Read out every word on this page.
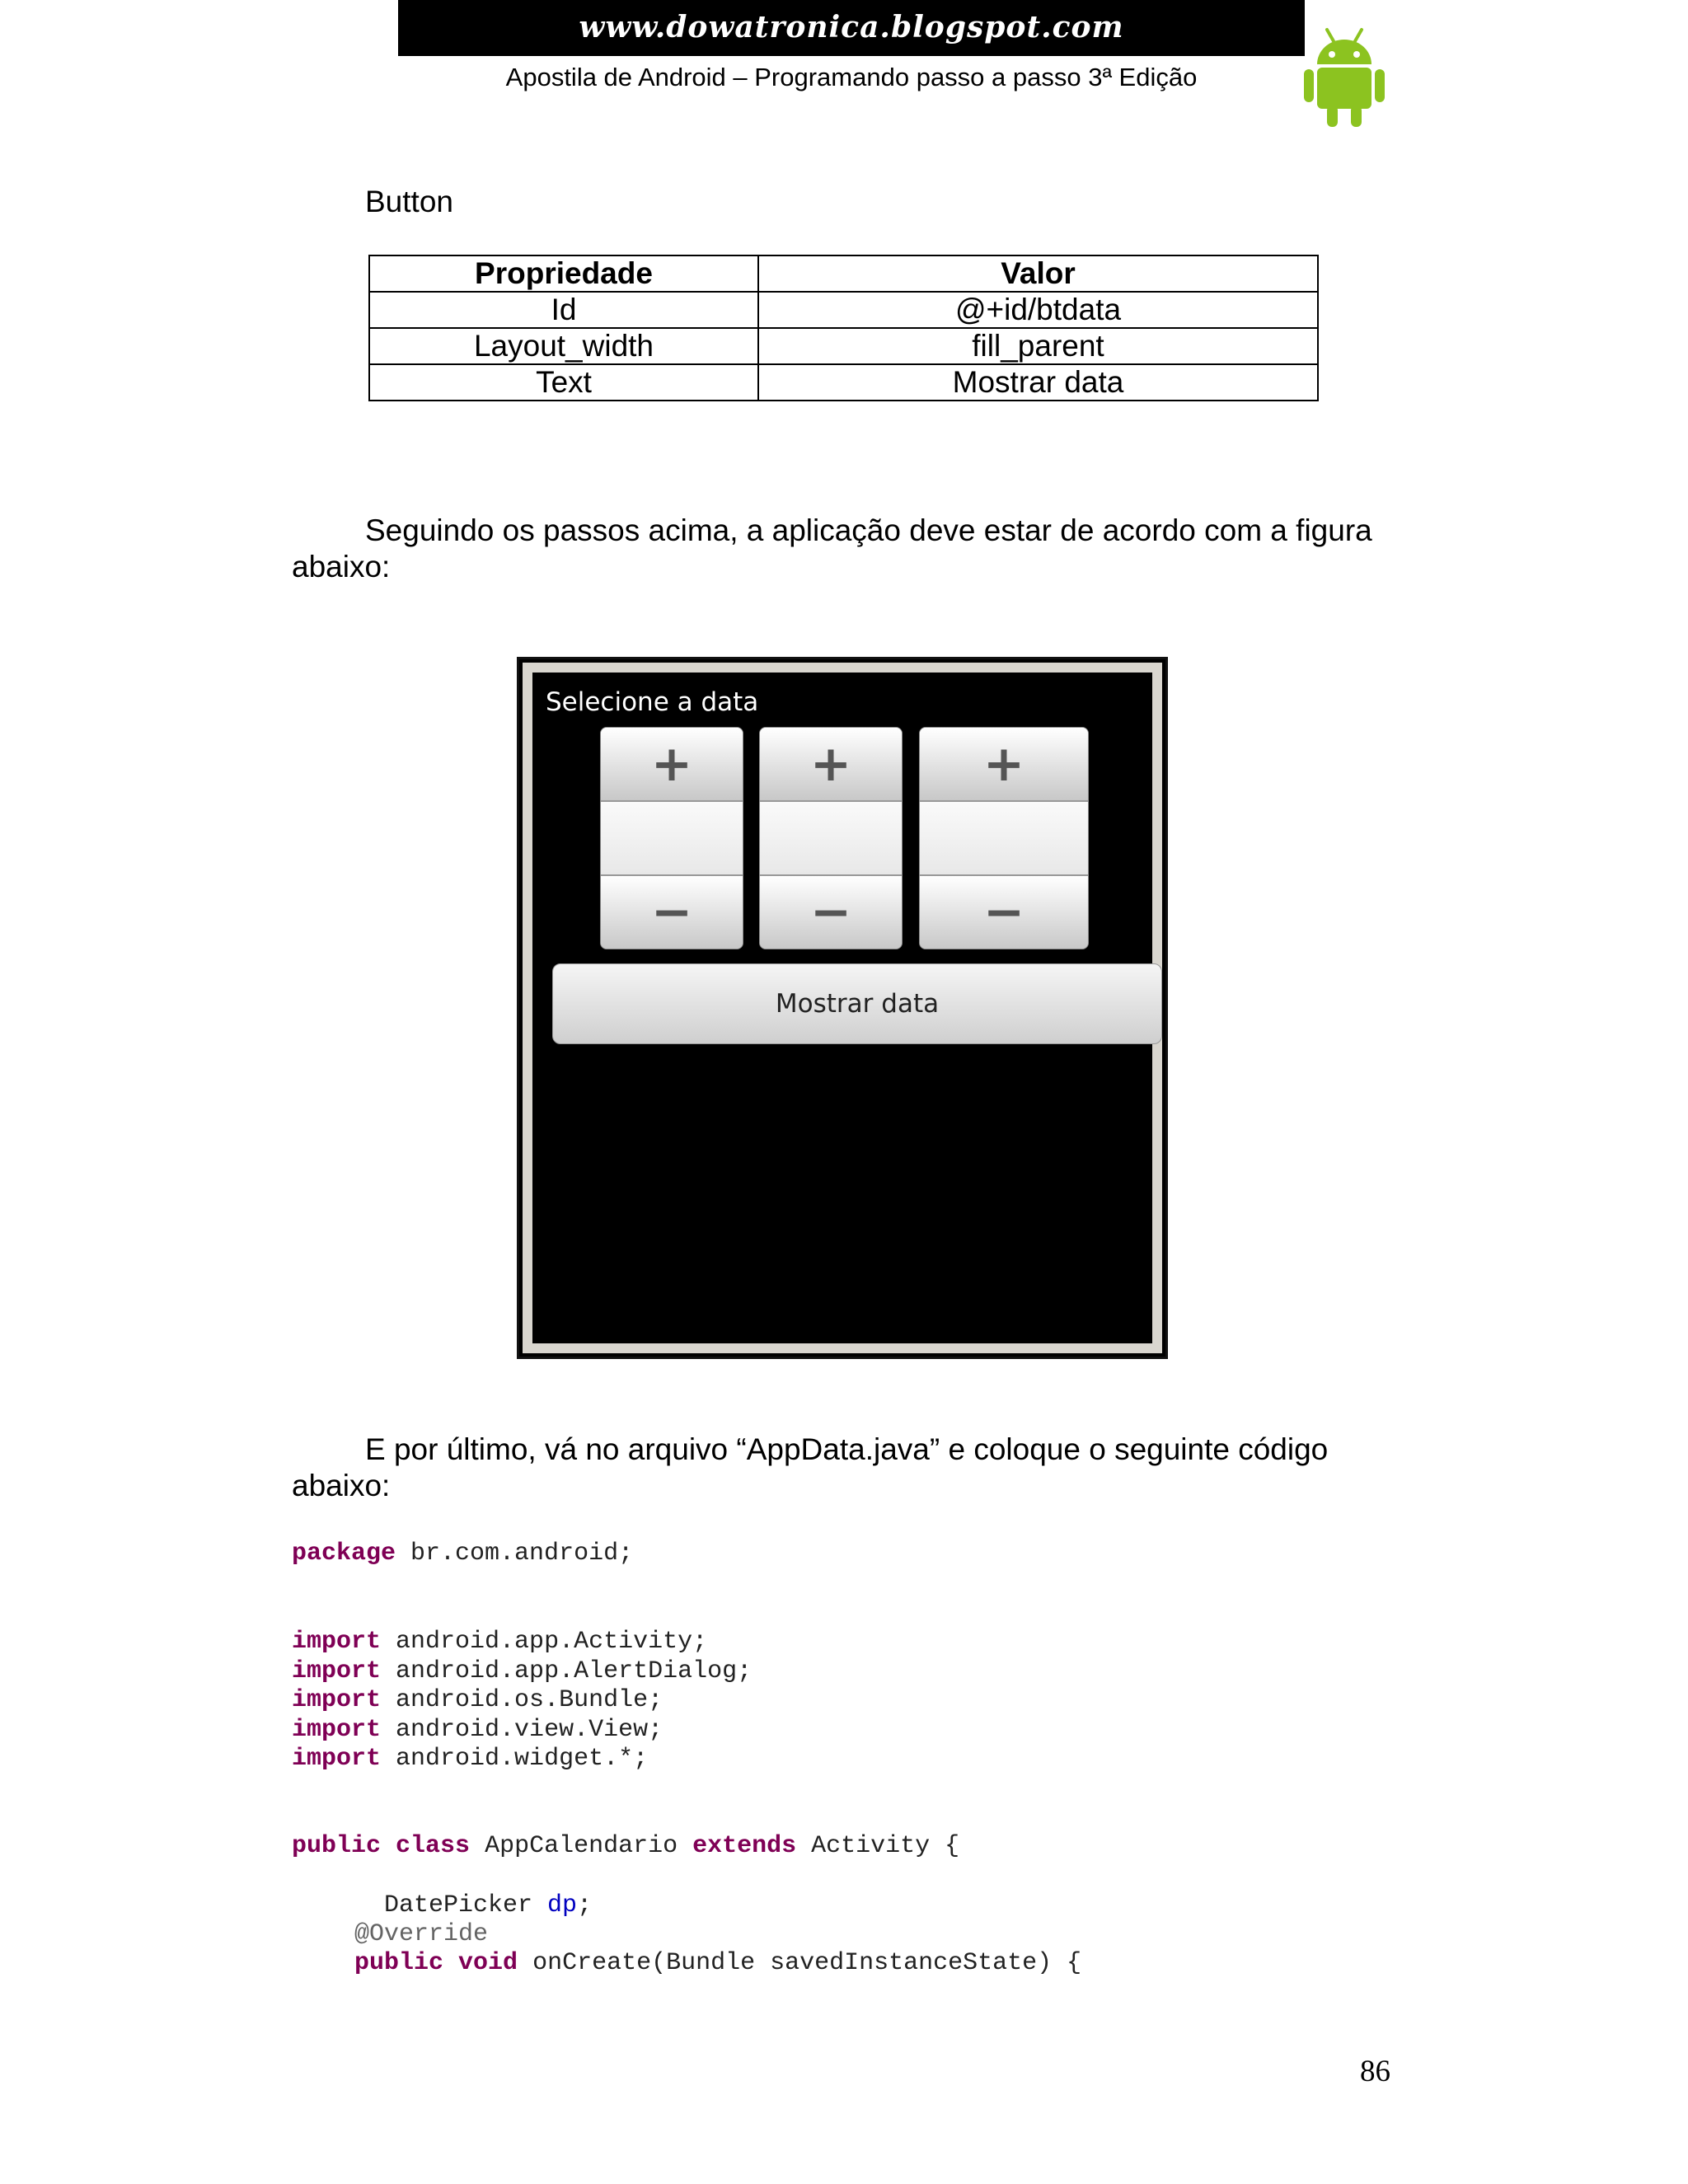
www.dowatronica.blogspot.com
Apostila de Android – Programando passo a passo 3ª Edição
Button
Propriedade	Valor
Id	@+id/btdata
Layout_width	fill_parent
Text	Mostrar data
Seguindo os passos acima, a aplicação deve estar de acordo com a figura
abaixo:
Selecione a data
+
−
+
−
+
−
Mostrar data
E por último, vá no arquivo “AppData.java” e coloque o seguinte código
abaixo:
package br.com.android;
import android.app.Activity;
import android.app.AlertDialog;
import android.os.Bundle;
import android.view.View;
import android.widget.*;
public class AppCalendario extends Activity {
DatePicker dp;
@Override
public void onCreate(Bundle savedInstanceState) {
86
